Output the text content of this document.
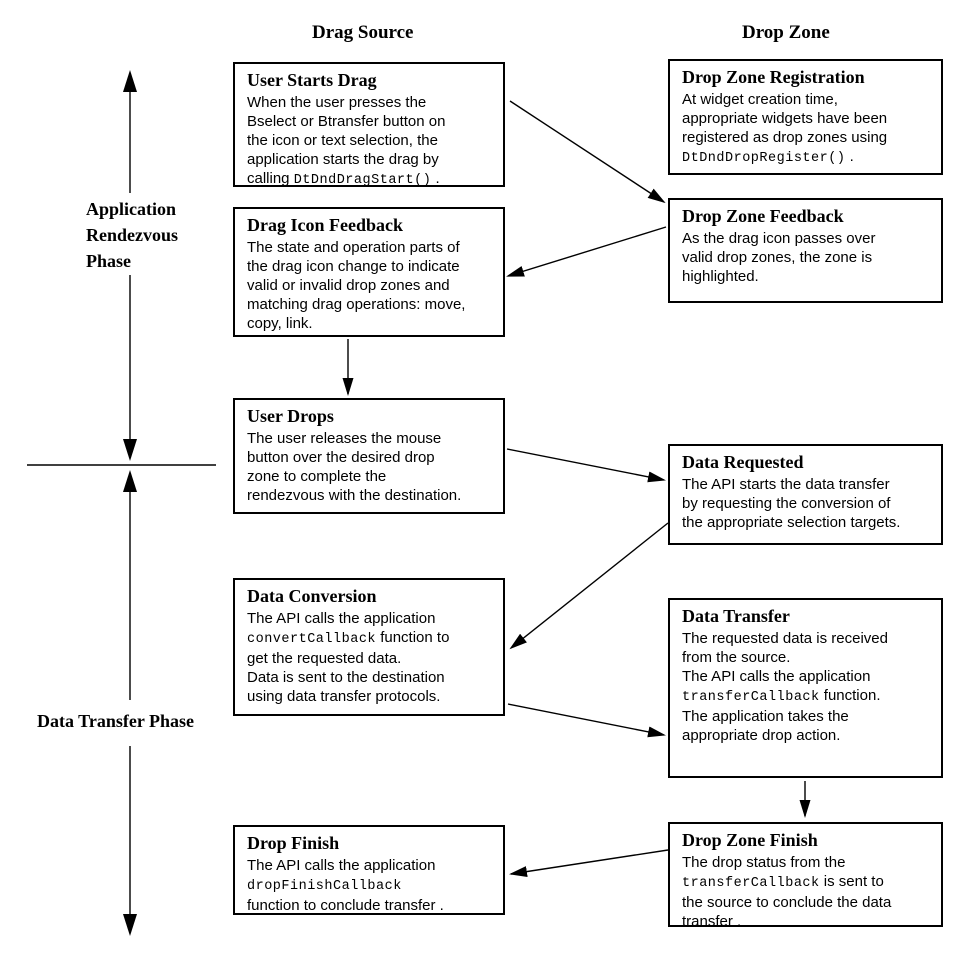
Drag Source	Drop Zone
Application
Rendezvous
Phase
Data Transfer Phase
User Starts Drag
When the user presses the
Bselect or Btransfer button on
the icon or text selection, the
application starts the drag by
calling DtDndDragStart() .
Drag Icon Feedback
The state and operation parts of
the drag icon change to indicate
valid or invalid drop zones and
matching drag operations: move,
copy, link.
User Drops
The user releases the mouse
button over the desired drop
zone to complete the
rendezvous with the destination.
Data Conversion
The API calls the application
convertCallback function to
get the requested data.
Data is sent to the destination
using data transfer protocols.
Drop Finish
The API calls the application
dropFinishCallback
function to conclude transfer .
Drop Zone Registration
At widget creation time,
appropriate widgets have been
registered as drop zones using
DtDndDropRegister() .
Drop Zone Feedback
As the drag icon passes over
valid drop zones, the zone is
highlighted.
Data Requested
The API starts the data transfer
by requesting the conversion of
the appropriate selection targets.
Data Transfer
The requested data is received
from the source.
The API calls the application
transferCallback function.
The application takes the
appropriate drop action.
Drop Zone Finish
The drop status from the
transferCallback is sent to
the source to conclude the data
transfer .
